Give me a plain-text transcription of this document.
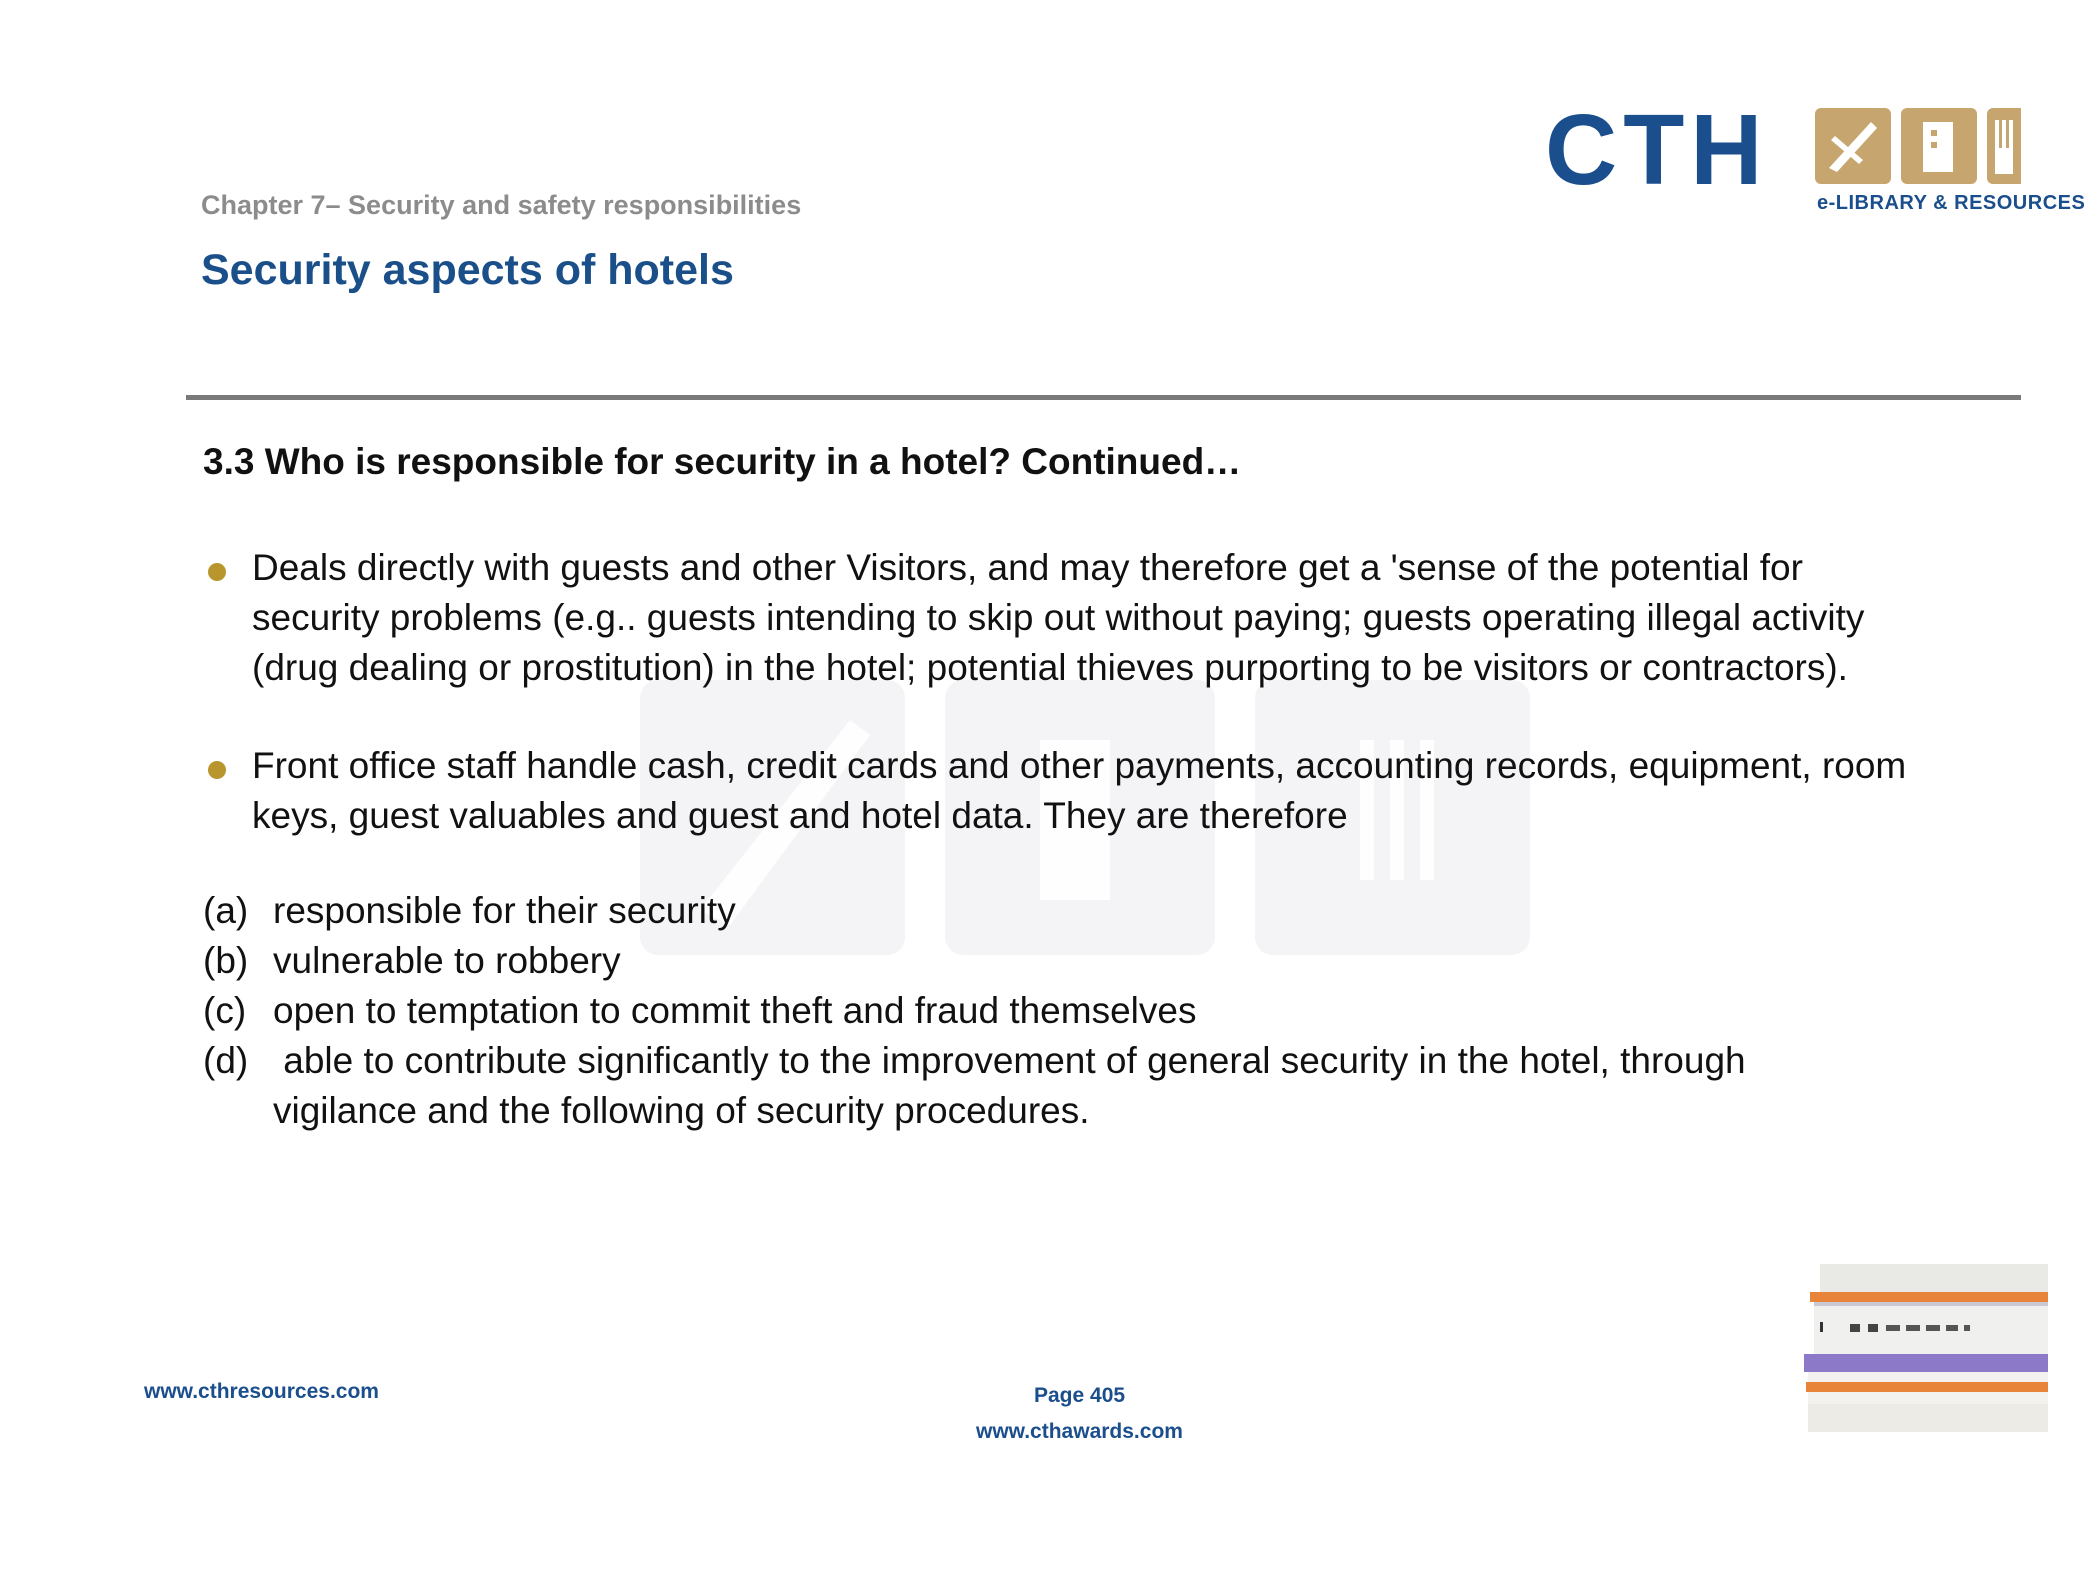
Chapter 7– Security and safety responsibilities
Security aspects of hotels
CTH e-LIBRARY & RESOURCES
3.3 Who is responsible for security in a hotel? Continued…
Deals directly with guests and other Visitors, and may therefore get a 'sense of the potential for
security problems (e.g.. guests intending to skip out without paying; guests operating illegal activity
(drug dealing or prostitution) in the hotel; potential thieves purporting to be visitors or contractors).
Front office staff handle cash, credit cards and other payments, accounting records, equipment, room
keys, guest valuables and guest and hotel data. They are therefore
(a) responsible for their security
(b) vulnerable to robbery
(c) open to temptation to commit theft and fraud themselves
(d) able to contribute significantly to the improvement of general security in the hotel, through
vigilance and the following of security procedures.
www.cthresources.com	Page 405
www.cthawards.com
